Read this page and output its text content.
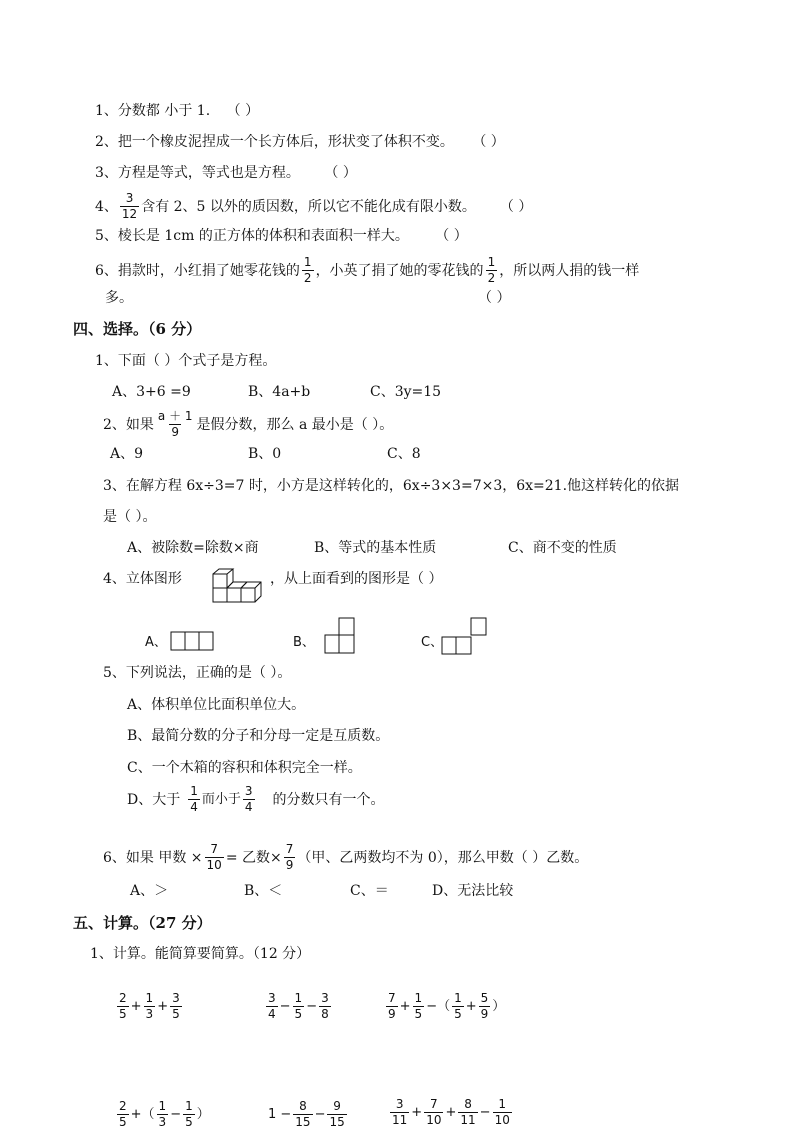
1、分数都 小于 1. （ ）
2、把一个橡皮泥捏成一个长方体后，形状变了体积不变。 （ ）
3、方程是等式，等式也是方程。 （ ）
4、 $\frac{3}{12}$ 含有 2、5 以外的质因数，所以它不能化成有限小数。 （ ）
5、棱长是 1cm 的正方体的体积和表面积一样大。 （ ）
6、捐款时，小红捐了她零花钱的 $\frac{1}{2}$ ，小英了捐了她的零花钱的 $\frac{1}{2}$ ，所以两人捐的钱一样
多。	（ ）
四、选择。（6 分）
1、下面（ ）个式子是方程。
A、3+6 =9	B、4a+b	C、3y=15
2、如果 $\frac{a + 1}{9}$ 是假分数，那么 a 最小是（ ）。
A、9	B、0	C、8
3、在解方程 6x÷3=7 时，小方是这样转化的，6x÷3×3=7×3，6x=21.他这样转化的依据
是（ ）。
A、被除数=除数×商	B、等式的基本性质	C、商不变的性质
4、立体图形	，从上面看到的图形是（ ）
A、	B、	C、
5、下列说法，正确的是（ ）。
A、体积单位比面积单位大。
B、最简分数的分子和分母一定是互质数。
C、一个木箱的容积和体积完全一样。
D、大于 $\frac{1}{4}$ 而小于 $\frac{3}{4}$ 的分数只有一个。
6、如果 甲数 × $\frac{7}{10}$ = 乙数× $\frac{7}{9}$ （甲、乙两数均不为 0），那么甲数（ ）乙数。
A、＞	B、＜	C、＝	D、无法比较
五、计算。（27 分）
1、计算。能简算要简算。（12 分）
$\frac{2}{5} + \frac{1}{3} + \frac{3}{5}$	$\frac{3}{4} - \frac{1}{5} - \frac{3}{8}$	$\frac{7}{9} + \frac{1}{5}$ −（ $\frac{1}{5} + \frac{5}{9}$ ）
$\frac{2}{5}$ +（ $\frac{1}{3} - \frac{1}{5}$ ）	$1 - \frac{8}{15} - \frac{9}{15}$	$\frac{3}{11} + \frac{7}{10} + \frac{8}{11} - \frac{1}{10}$
